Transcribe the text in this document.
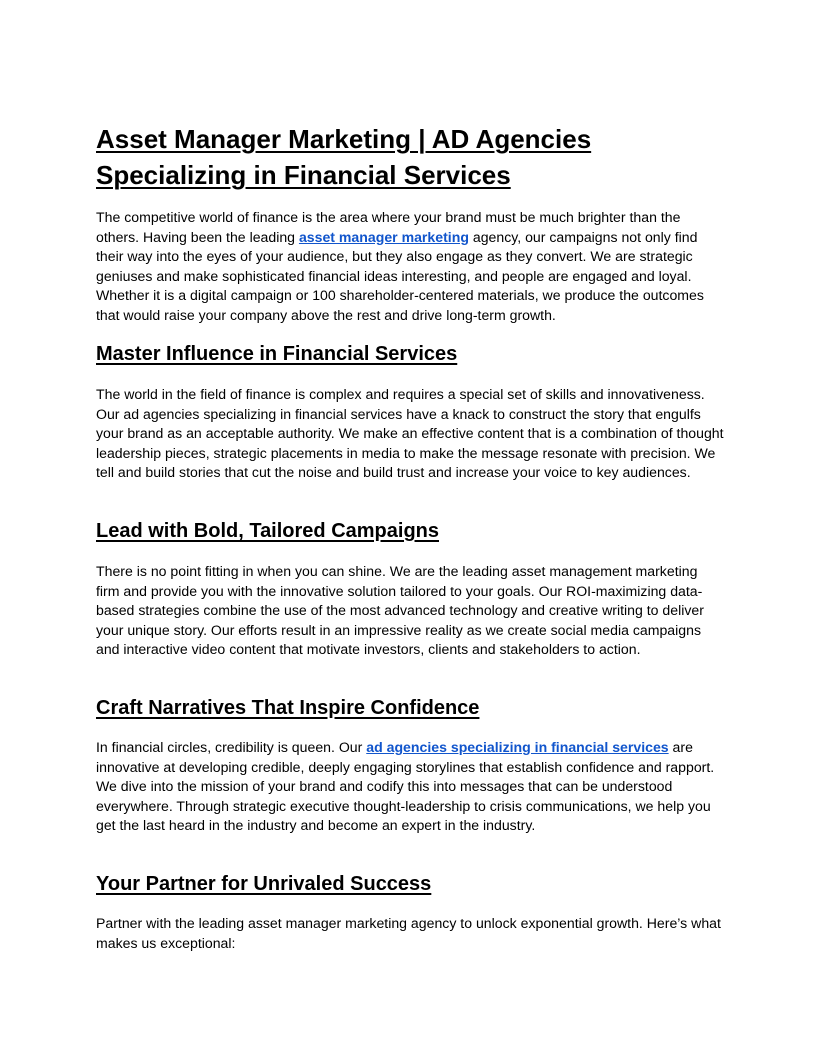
Asset Manager Marketing | AD Agencies Specializing in Financial Services

The competitive world of finance is the area where your brand must be much brighter than the others. Having been the leading asset manager marketing agency, our campaigns not only find their way into the eyes of your audience, but they also engage as they convert. We are strategic geniuses and make sophisticated financial ideas interesting, and people are engaged and loyal. Whether it is a digital campaign or 100 shareholder-centered materials, we produce the outcomes that would raise your company above the rest and drive long-term growth.

Master Influence in Financial Services

The world in the field of finance is complex and requires a special set of skills and innovativeness. Our ad agencies specializing in financial services have a knack to construct the story that engulfs your brand as an acceptable authority. We make an effective content that is a combination of thought leadership pieces, strategic placements in media to make the message resonate with precision. We tell and build stories that cut the noise and build trust and increase your voice to key audiences.

Lead with Bold, Tailored Campaigns

There is no point fitting in when you can shine. We are the leading asset management marketing firm and provide you with the innovative solution tailored to your goals. Our ROI-maximizing data-based strategies combine the use of the most advanced technology and creative writing to deliver your unique story. Our efforts result in an impressive reality as we create social media campaigns and interactive video content that motivate investors, clients and stakeholders to action.

Craft Narratives That Inspire Confidence

In financial circles, credibility is queen. Our ad agencies specializing in financial services are innovative at developing credible, deeply engaging storylines that establish confidence and rapport. We dive into the mission of your brand and codify this into messages that can be understood everywhere. Through strategic executive thought-leadership to crisis communications, we help you get the last heard in the industry and become an expert in the industry.

Your Partner for Unrivaled Success

Partner with the leading asset manager marketing agency to unlock exponential growth. Here’s what makes us exceptional:
